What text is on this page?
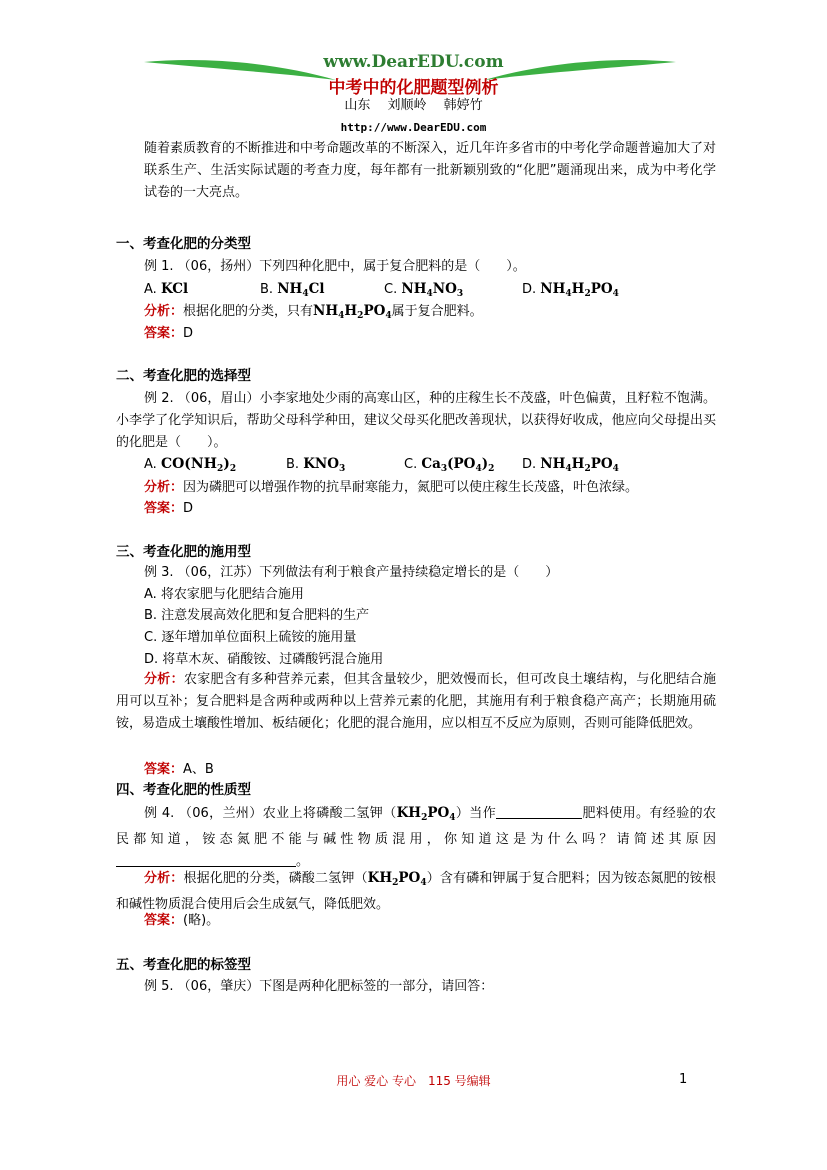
www.DearEDU.com
中考中的化肥题型例析
山东　 刘顺岭　 韩婷竹
http://www.DearEDU.com
随着素质教育的不断推进和中考命题改革的不断深入，近几年许多省市的中考化学命题普遍加大了对联系生产、生活实际试题的考查力度，每年都有一批新颖别致的“化肥”题涌现出来，成为中考化学试卷的一大亮点。
一、考查化肥的分类型
例 1. （06，扬州）下列四种化肥中，属于复合肥料的是（　　）。
A. KCl	B. $NH_4Cl$	C. $NH_4NO_3$	D. $NH_4H_2PO_4$
分析：根据化肥的分类，只有$NH_4H_2PO_4$属于复合肥料。
答案：D
二、考查化肥的选择型
例 2. （06，眉山）小李家地处少雨的高寒山区，种的庄稼生长不茂盛，叶色偏黄，且籽粒不饱满。小李学了化学知识后，帮助父母科学种田，建议父母买化肥改善现状，以获得好收成，他应向父母提出买的化肥是（　　）。
A. $CO(NH_2)_2$	B. $KNO_3$	C. $Ca_3(PO_4)_2$ D. $NH_4H_2PO_4$
分析：因为磷肥可以增强作物的抗旱耐寒能力，氮肥可以使庄稼生长茂盛，叶色浓绿。
答案：D
三、考查化肥的施用型
例 3. （06，江苏）下列做法有利于粮食产量持续稳定增长的是（　　）
A. 将农家肥与化肥结合施用
B. 注意发展高效化肥和复合肥料的生产
C. 逐年增加单位面积上硫铵的施用量
D. 将草木灰、硝酸铵、过磷酸钙混合施用
分析：农家肥含有多种营养元素，但其含量较少，肥效慢而长，但可改良土壤结构，与化肥结合施用可以互补；复合肥料是含两种或两种以上营养元素的化肥，其施用有利于粮食稳产高产；长期施用硫铵，易造成土壤酸性增加、板结硬化；化肥的混合施用，应以相互不反应为原则，否则可能降低肥效。
答案：A、B
四、考查化肥的性质型
例 4. （06，兰州）农业上将磷酸二氢钾$(KH_2PO_4)$当作	肥料使用。有经验的农民都知道，铵态氮肥不能与碱性物质混用，你知道这是为什么吗？请简述其原因。
分析：根据化肥的分类，磷酸二氢钾$(KH_2PO_4)$含有磷和钾属于复合肥料；因为铵态氮肥的铵根和碱性物质混合使用后会生成氨气，降低肥效。
答案：(略)。
五、考查化肥的标签型
例 5. （06，肇庆）下图是两种化肥标签的一部分，请回答：
用心 爱心 专心　115 号编辑	1
